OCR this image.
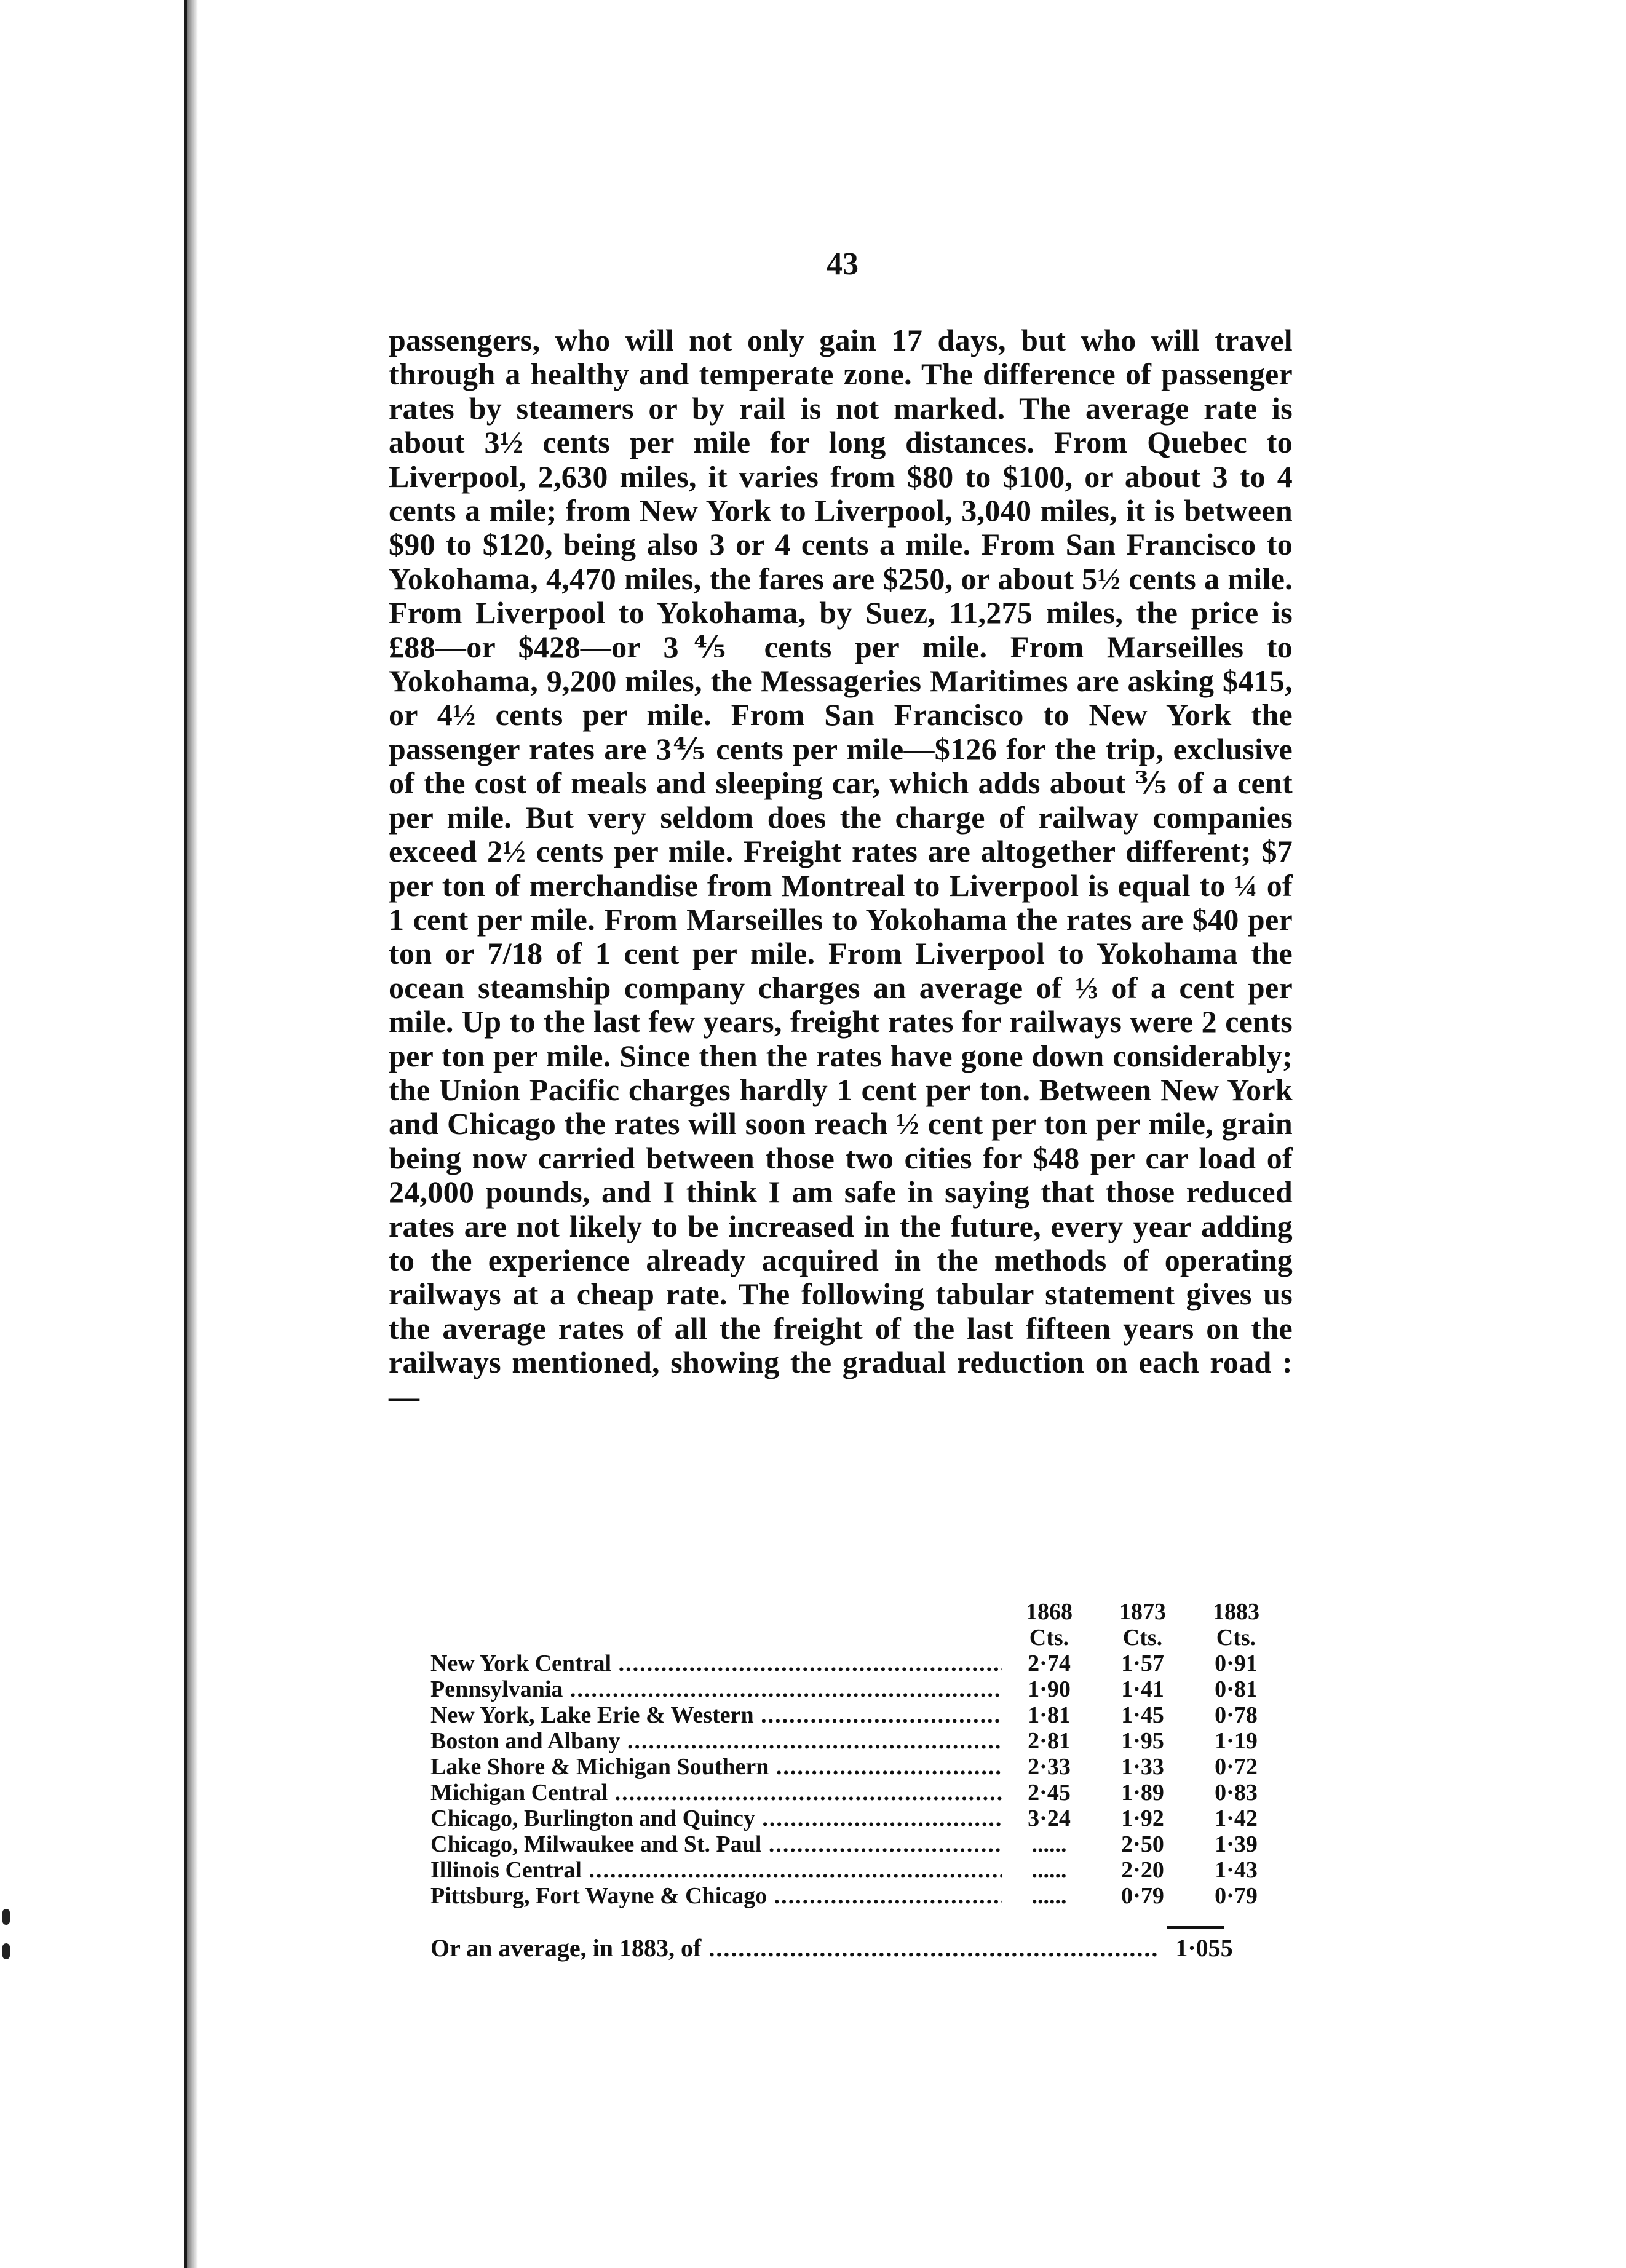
43

passengers, who will not only gain 17 days, but who will travel through a healthy and temperate zone. The difference of passenger rates by steamers or by rail is not marked. The average rate is about 3½ cents per mile for long distances. From Quebec to Liverpool, 2,630 miles, it varies from $80 to $100, or about 3 to 4 cents a mile; from New York to Liverpool, 3,040 miles, it is between $90 to $120, being also 3 or 4 cents a mile. From San Francisco to Yokohama, 4,470 miles, the fares are $250, or about 5½ cents a mile. From Liverpool to Yokohama, by Suez, 11,275 miles, the price is £88—or $428—or 3⅘ cents per mile. From Marseilles to Yokohama, 9,200 miles, the Messageries Maritimes are asking $415, or 4½ cents per mile. From San Francisco to New York the passenger rates are 3⅘ cents per mile—$126 for the trip, exclusive of the cost of meals and sleeping car, which adds about ⅗ of a cent per mile. But very seldom does the charge of railway companies exceed 2½ cents per mile. Freight rates are altogether different; $7 per ton of merchandise from Montreal to Liverpool is equal to ¼ of 1 cent per mile. From Marseilles to Yokohama the rates are $40 per ton or 7/18 of 1 cent per mile. From Liverpool to Yokohama the ocean steamship company charges an average of ⅓ of a cent per mile. Up to the last few years, freight rates for railways were 2 cents per ton per mile. Since then the rates have gone down considerably; the Union Pacific charges hardly 1 cent per ton. Between New York and Chicago the rates will soon reach ½ cent per ton per mile, grain being now carried between those two cities for $48 per car load of 24,000 pounds, and I think I am safe in saying that those reduced rates are not likely to be increased in the future, every year adding to the experience already acquired in the methods of operating railways at a cheap rate. The following tabular statement gives us the average rates of all the freight of the last fifteen years on the railways mentioned, showing the gradual reduction on each road :—

1868	1873	1883
Cts.	Cts.	Cts.
New York Central .....	2·74	1·57	0·91
Pennsylvania .....	1·90	1·41	0·81
New York, Lake Erie & Western .....	1·81	1·45	0·78
Boston and Albany .....	2·81	1·95	1·19
Lake Shore & Michigan Southern .....	2·33	1·33	0·72
Michigan Central .....	2·45	1·89	0·83
Chicago, Burlington and Quincy .....	3·24	1·92	1·42
Chicago, Milwaukee and St. Paul .....	......	2·50	1·39
Illinois Central .....	......	2·20	1·43
Pittsburg, Fort Wayne & Chicago .....	......	0·79	0·79
Or an average, in 1883, of .....	1·055
